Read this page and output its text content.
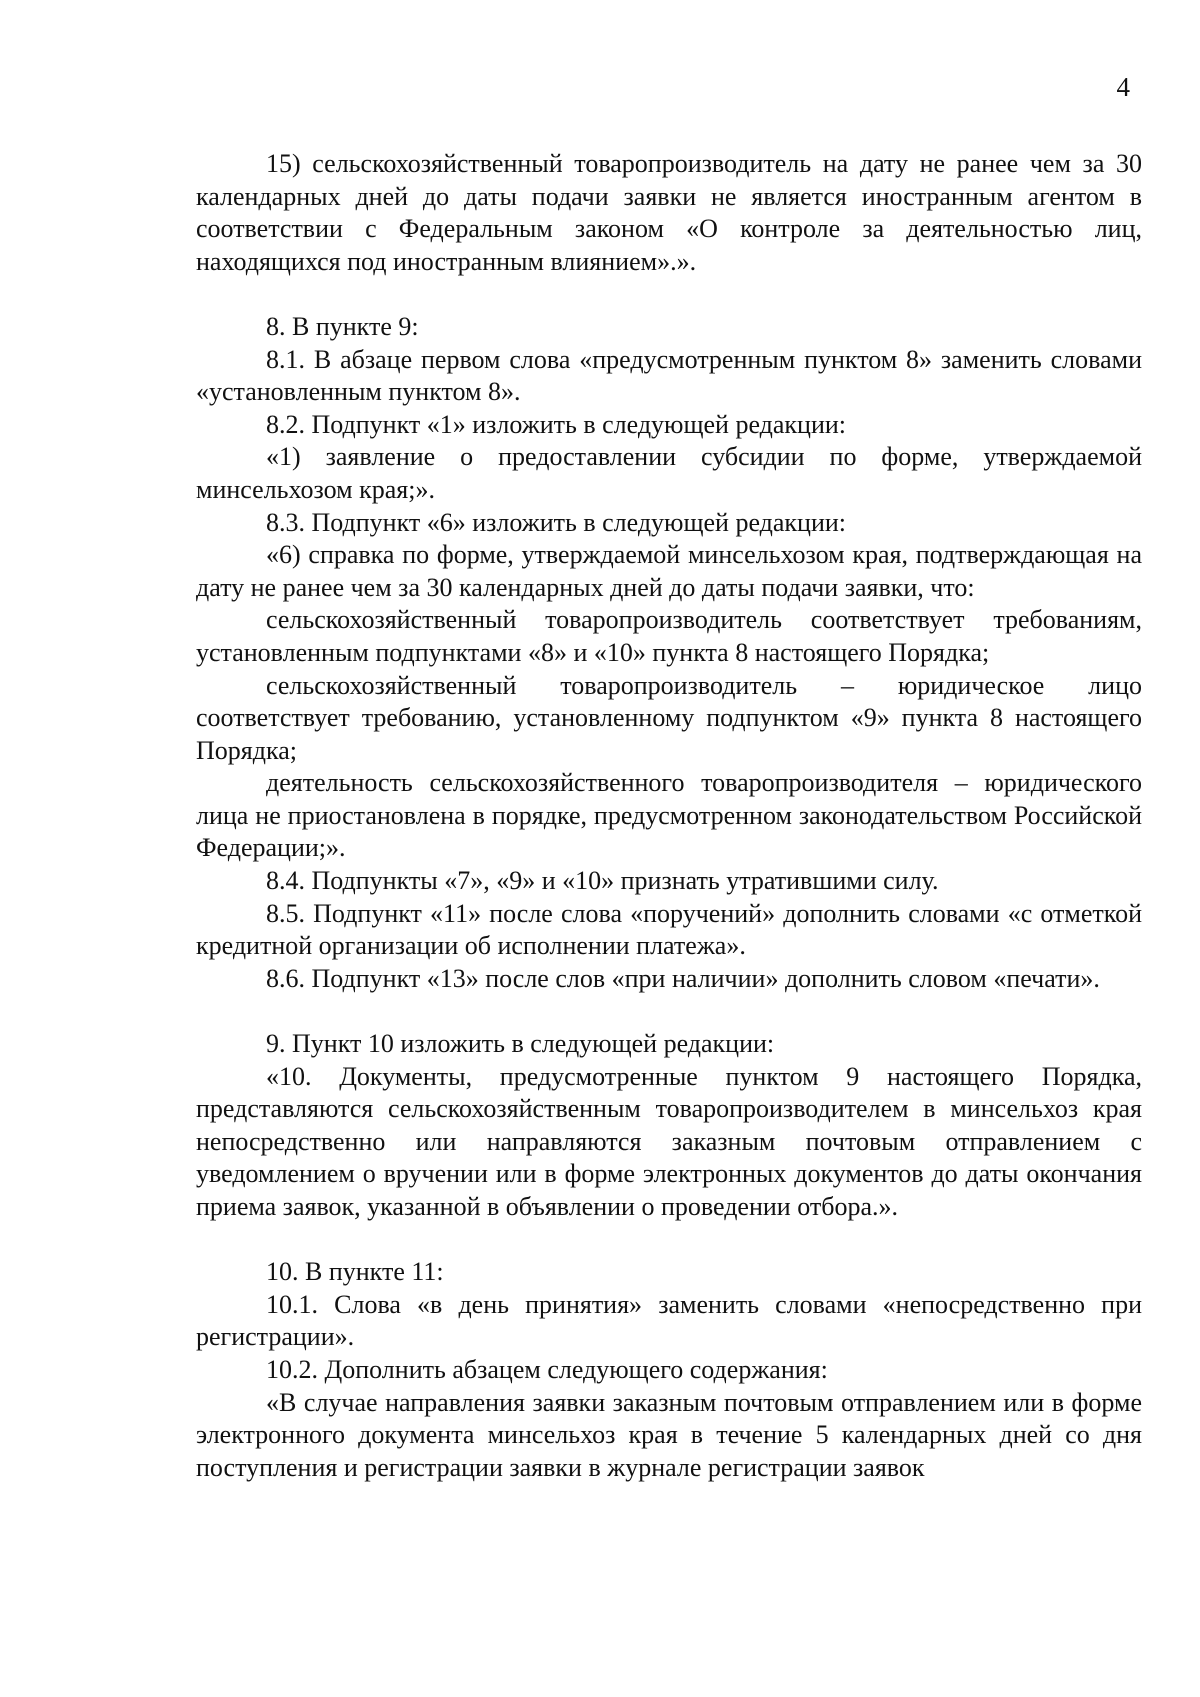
4

15) сельскохозяйственный товаропроизводитель на дату не ранее чем за 30 календарных дней до даты подачи заявки не является иностранным агентом в соответствии с Федеральным законом «О контроле за деятельностью лиц, находящихся под иностранным влиянием».».

8. В пункте 9:

8.1. В абзаце первом слова «предусмотренным пунктом 8» заменить словами «установленным пунктом 8».

8.2. Подпункт «1» изложить в следующей редакции:

«1) заявление о предоставлении субсидии по форме, утверждаемой минсельхозом края;».

8.3. Подпункт «6» изложить в следующей редакции:

«6) справка по форме, утверждаемой минсельхозом края, подтверждающая на дату не ранее чем за 30 календарных дней до даты подачи заявки, что:

сельскохозяйственный товаропроизводитель соответствует требованиям, установленным подпунктами «8» и «10» пункта 8 настоящего Порядка;

сельскохозяйственный товаропроизводитель – юридическое лицо соответствует требованию, установленному подпунктом «9» пункта 8 настоящего Порядка;

деятельность сельскохозяйственного товаропроизводителя – юридического лица не приостановлена в порядке, предусмотренном законодательством Российской Федерации;».

8.4. Подпункты «7», «9» и «10» признать утратившими силу.

8.5. Подпункт «11» после слова «поручений» дополнить словами «с отметкой кредитной организации об исполнении платежа».

8.6. Подпункт «13» после слов «при наличии» дополнить словом «печати».

9. Пункт 10 изложить в следующей редакции:

«10. Документы, предусмотренные пунктом 9 настоящего Порядка, представляются сельскохозяйственным товаропроизводителем в минсельхоз края непосредственно или направляются заказным почтовым отправлением с уведомлением о вручении или в форме электронных документов до даты окончания приема заявок, указанной в объявлении о проведении отбора.».

10. В пункте 11:

10.1. Слова «в день принятия» заменить словами «непосредственно при регистрации».

10.2. Дополнить абзацем следующего содержания:

«В случае направления заявки заказным почтовым отправлением или в форме электронного документа минсельхоз края в течение 5 календарных дней со дня поступления и регистрации заявки в журнале регистрации заявок
